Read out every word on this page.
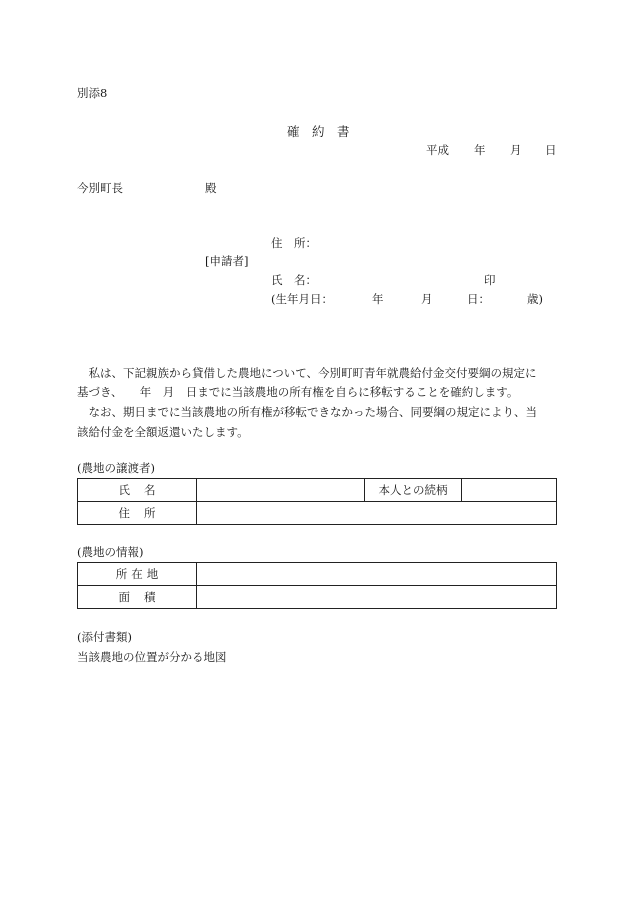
別添8
確　約　書
平成 年 月 日
今別町長	殿
住　所：
[申請者]
氏　名：	印
(生年月日：	年	月	日：	歳)
　私は、下記親族から貸借した農地について、今別町町青年就農給付金交付要綱の規定に
基づき、　　年　月　日までに当該農地の所有権を自らに移転することを確約します。
　なお、期日までに当該農地の所有権が移転できなかった場合、同要綱の規定により、当
該給付金を全額返還いたします。
(農地の譲渡者)
氏名		本人との続柄	
住所			
(農地の情報)
所在地	
面積	
(添付書類)
当該農地の位置が分かる地図
